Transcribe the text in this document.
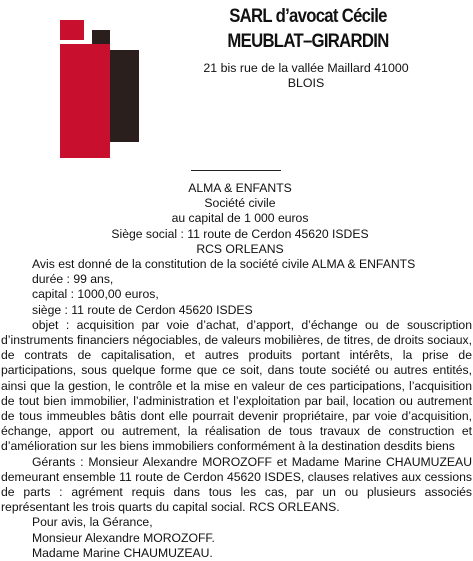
SARL d’avocat Cécile
MEUBLAT–GIRARDIN
21 bis rue de la vallée Maillard 41000 BLOIS
ALMA & ENFANTS
Société civile
au capital de 1 000 euros
Siège social : 11 route de Cerdon 45620 ISDES
RCS ORLEANS

Avis est donné de la constitution de la société civile ALMA & ENFANTS

durée : 99 ans,

capital : 1000,00 euros,

siège : 11 route de Cerdon 45620 ISDES

objet : acquisition par voie d’achat, d’apport, d’échange ou de souscription d’instruments financiers négociables, de valeurs mobilières, de titres, de droits sociaux, de contrats de capitalisation, et autres produits portant intérêts, la prise de participations, sous quelque forme que ce soit, dans toute société ou autres entités, ainsi que la gestion, le contrôle et la mise en valeur de ces participations, l’acquisition de tout bien immobilier, l’administration et l’exploitation par bail, location ou autrement de tous immeubles bâtis dont elle pourrait devenir propriétaire, par voie d’acquisition, échange, apport ou autrement, la réalisation de tous travaux de construction et d’amélioration sur les biens immobiliers conformément à la destination desdits biens

Gérants : Monsieur Alexandre MOROZOFF et Madame Marine CHAUMUZEAU demeurant ensemble 11 route de Cerdon 45620 ISDES, clauses relatives aux cessions de parts : agrément requis dans tous les cas, par un ou plusieurs associés représentant les trois quarts du capital social. RCS ORLEANS.

Pour avis, la Gérance,

Monsieur Alexandre MOROZOFF.

Madame Marine CHAUMUZEAU.
